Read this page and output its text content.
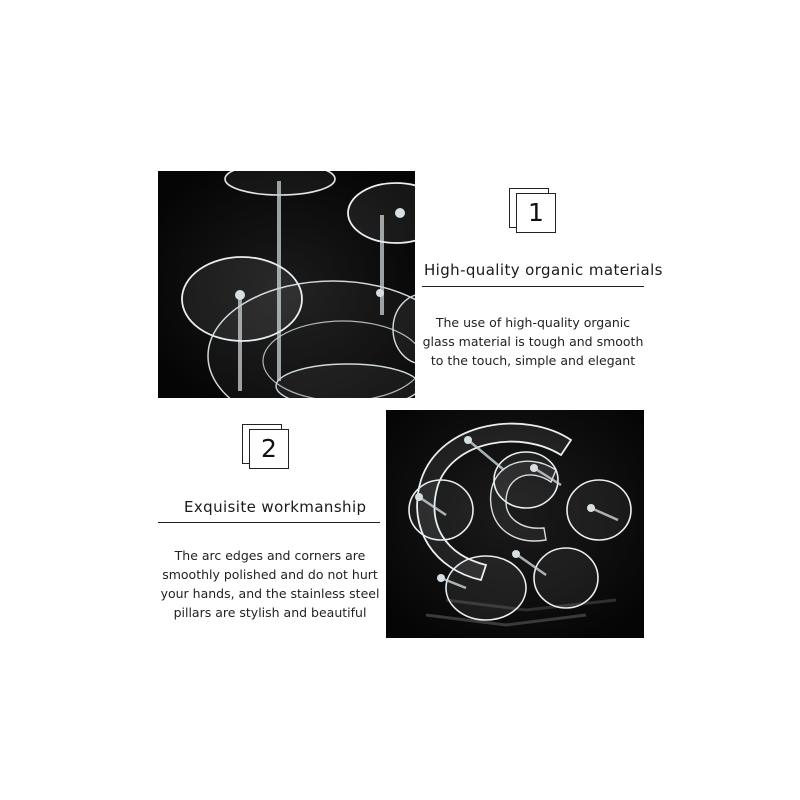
1
High-quality organic materials
The use of high-quality organic
glass material is tough and smooth
to the touch, simple and elegant
2
Exquisite workmanship
The arc edges and corners are
smoothly polished and do not hurt
your hands, and the stainless steel
pillars are stylish and beautiful
